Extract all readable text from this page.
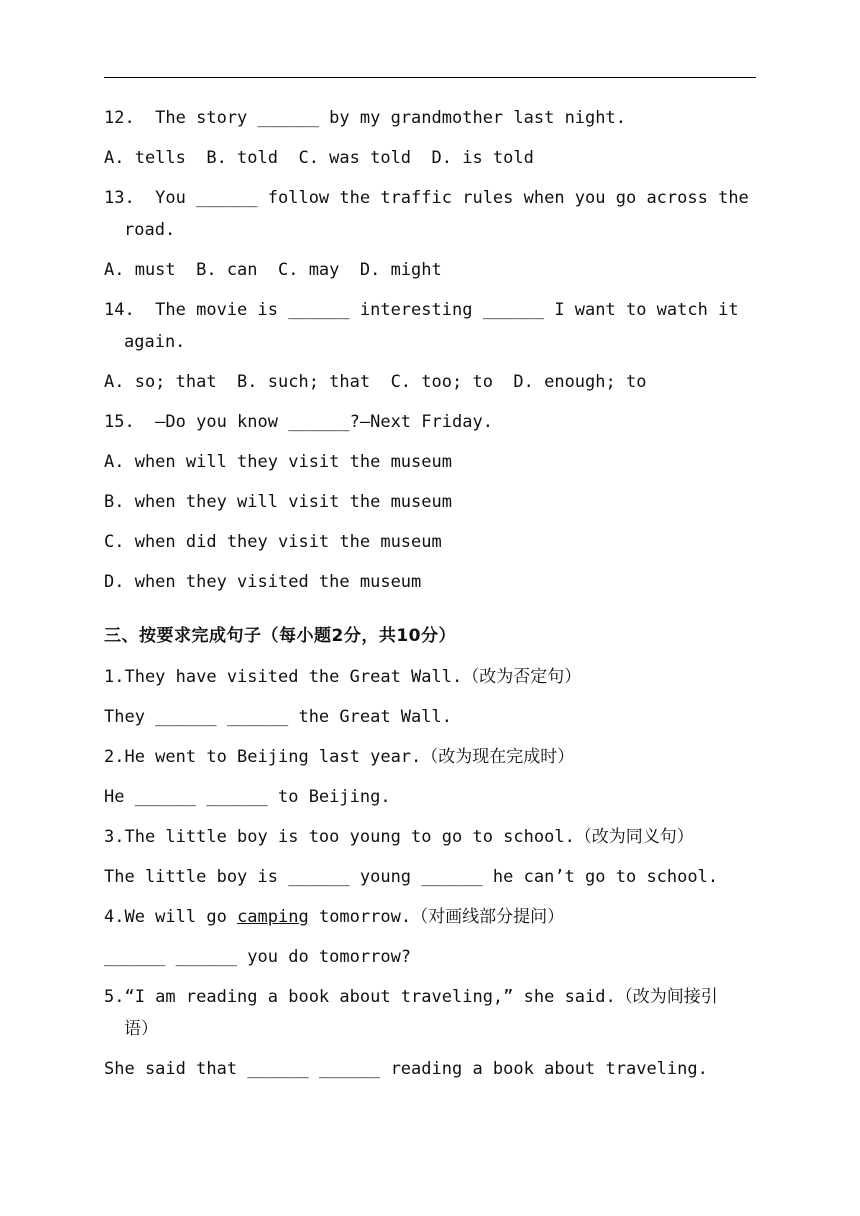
12.  The story ______ by my grandmother last night.

A. tells  B. told  C. was told  D. is told

13.  You ______ follow the traffic rules when you go across the

road.

A. must  B. can  C. may  D. might

14.  The movie is ______ interesting ______ I want to watch it

again.

A. so; that  B. such; that  C. too; to  D. enough; to

15.  —Do you know ______?—Next Friday.

A. when will they visit the museum

B. when they will visit the museum

C. when did they visit the museum

D. when they visited the museum

三、按要求完成句子（每小题2分，共10分）

1.They have visited the Great Wall.（改为否定句）

They ______ ______ the Great Wall.

2.He went to Beijing last year.（改为现在完成时）

He ______ ______ to Beijing.

3.The little boy is too young to go to school.（改为同义句）

The little boy is ______ young ______ he can’t go to school.

4.We will go camping tomorrow.（对画线部分提问）

______ ______ you do tomorrow?

5.“I am reading a book about traveling,” she said.（改为间接引

语）

She said that ______ ______ reading a book about traveling.
